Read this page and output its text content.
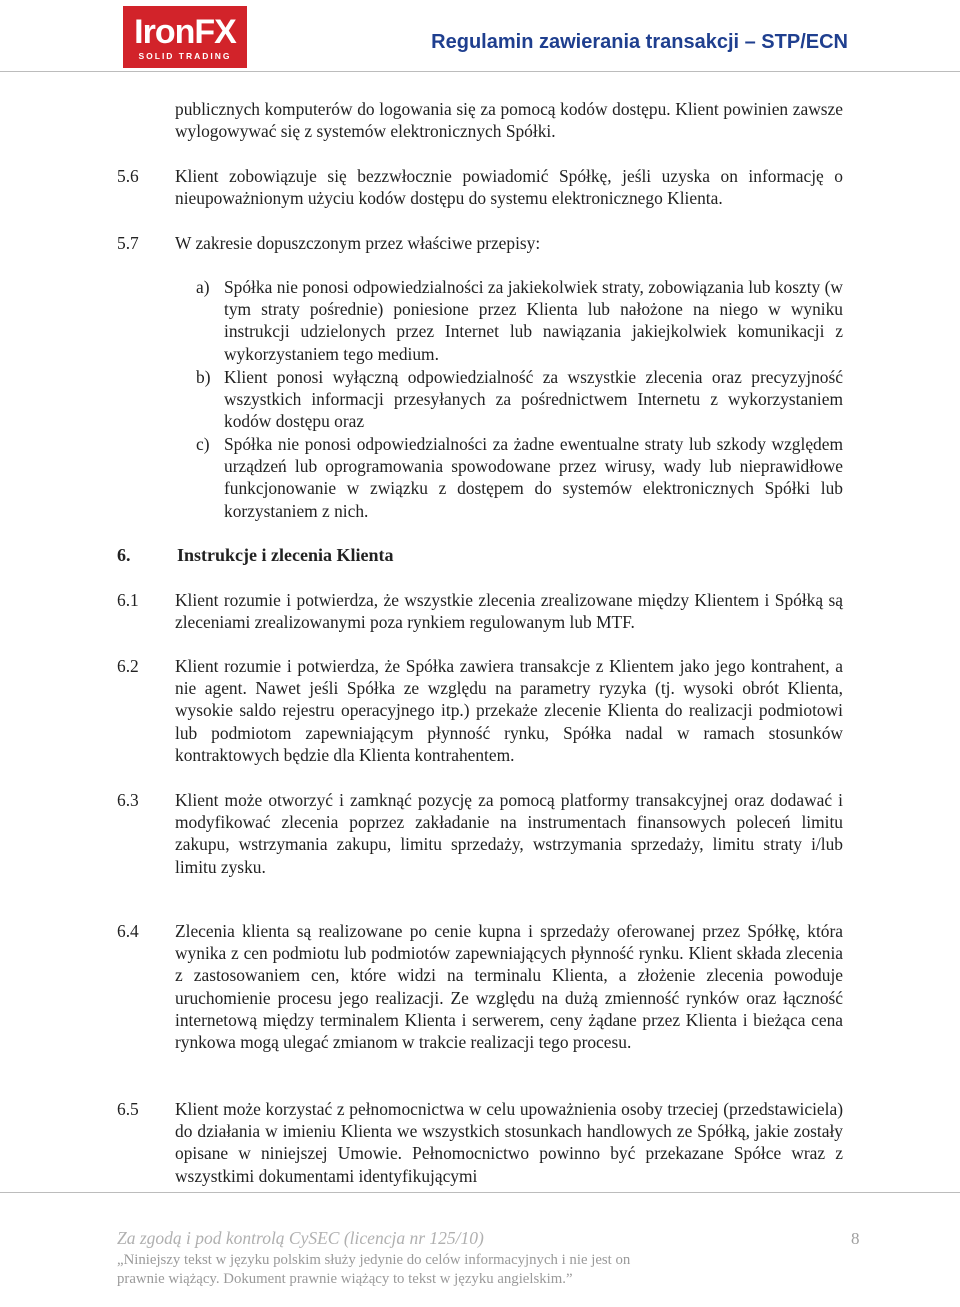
IronFX
SOLID TRADING
Regulamin zawierania transakcji – STP/ECN

publicznych komputerów do logowania się za pomocą kodów dostępu. Klient powinien zawsze wylogowywać się z systemów elektronicznych Spółki.

5.6 Klient zobowiązuje się bezzwłocznie powiadomić Spółkę, jeśli uzyska on informację o nieupoważnionym użyciu kodów dostępu do systemu elektronicznego Klienta.

5.7 W zakresie dopuszczonym przez właściwe przepisy:

a) Spółka nie ponosi odpowiedzialności za jakiekolwiek straty, zobowiązania lub koszty (w tym straty pośrednie) poniesione przez Klienta lub nałożone na niego w wyniku instrukcji udzielonych przez Internet lub nawiązania jakiejkolwiek komunikacji z wykorzystaniem tego medium.

b) Klient ponosi wyłączną odpowiedzialność za wszystkie zlecenia oraz precyzyjność wszystkich informacji przesyłanych za pośrednictwem Internetu z wykorzystaniem kodów dostępu oraz

c) Spółka nie ponosi odpowiedzialności za żadne ewentualne straty lub szkody względem urządzeń lub oprogramowania spowodowane przez wirusy, wady lub nieprawidłowe funkcjonowanie w związku z dostępem do systemów elektronicznych Spółki lub korzystaniem z nich.

6.	Instrukcje i zlecenia Klienta
6.1 Klient rozumie i potwierdza, że wszystkie zlecenia zrealizowane między Klientem i Spółką są zleceniami zrealizowanymi poza rynkiem regulowanym lub MTF.

6.2 Klient rozumie i potwierdza, że Spółka zawiera transakcje z Klientem jako jego kontrahent, a nie agent. Nawet jeśli Spółka ze względu na parametry ryzyka (tj. wysoki obrót Klienta, wysokie saldo rejestru operacyjnego itp.) przekaże zlecenie Klienta do realizacji podmiotowi lub podmiotom zapewniającym płynność rynku, Spółka nadal w ramach stosunków kontraktowych będzie dla Klienta kontrahentem.

6.3 Klient może otworzyć i zamknąć pozycję za pomocą platformy transakcyjnej oraz dodawać i modyfikować zlecenia poprzez zakładanie na instrumentach finansowych poleceń limitu zakupu, wstrzymania zakupu, limitu sprzedaży, wstrzymania sprzedaży, limitu straty i/lub limitu zysku.

6.4 Zlecenia klienta są realizowane po cenie kupna i sprzedaży oferowanej przez Spółkę, która wynika z cen podmiotu lub podmiotów zapewniających płynność rynku. Klient składa zlecenia z zastosowaniem cen, które widzi na terminalu Klienta, a złożenie zlecenia powoduje uruchomienie procesu jego realizacji. Ze względu na dużą zmienność rynków oraz łączność internetową między terminalem Klienta i serwerem, ceny żądane przez Klienta i bieżąca cena rynkowa mogą ulegać zmianom w trakcie realizacji tego procesu.

6.5 Klient może korzystać z pełnomocnictwa w celu upoważnienia osoby trzeciej (przedstawiciela) do działania w imieniu Klienta we wszystkich stosunkach handlowych ze Spółką, jakie zostały opisane w niniejszej Umowie. Pełnomocnictwo powinno być przekazane Spółce wraz z wszystkimi dokumentami identyfikującymi

Za zgodą i pod kontrolą CySEC (licencja nr 125/10)	8
„Niniejszy tekst w języku polskim służy jedynie do celów informacyjnych i nie jest on prawnie wiążący. Dokument prawnie wiążący to tekst w języku angielskim.”
